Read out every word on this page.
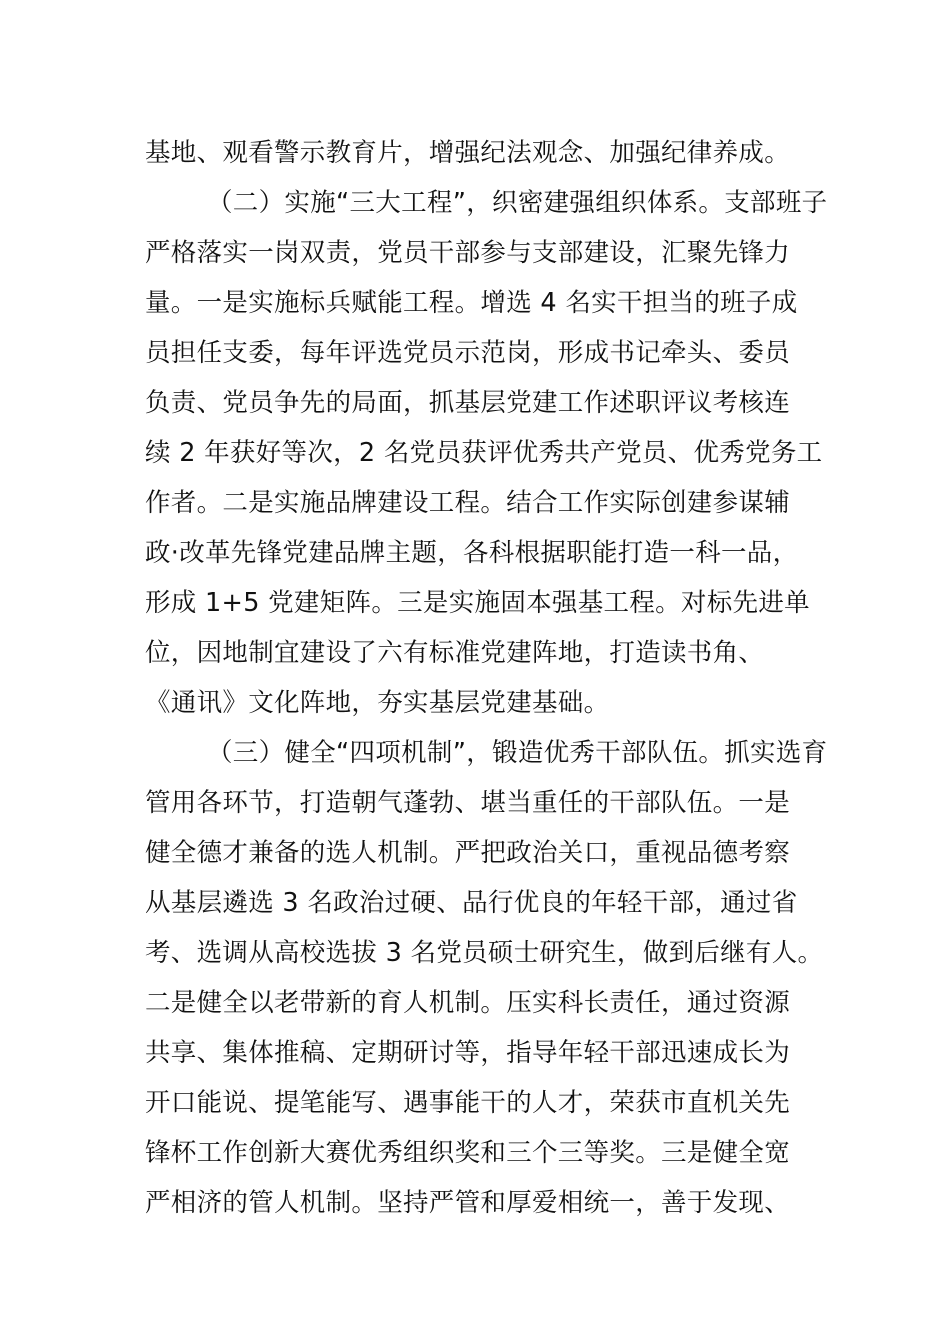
基地、观看警示教育片，增强纪法观念、加强纪律养成。
（二）实施“三大工程”，织密建强组织体系。支部班子
严格落实一岗双责，党员干部参与支部建设，汇聚先锋力
量。一是实施标兵赋能工程。增选 4 名实干担当的班子成
员担任支委，每年评选党员示范岗，形成书记牵头、委员
负责、党员争先的局面，抓基层党建工作述职评议考核连
续 2 年获好等次，2 名党员获评优秀共产党员、优秀党务工
作者。二是实施品牌建设工程。结合工作实际创建参谋辅
政·改革先锋党建品牌主题，各科根据职能打造一科一品，
形成 1+5 党建矩阵。三是实施固本强基工程。对标先进单
位，因地制宜建设了六有标准党建阵地，打造读书角、
《通讯》文化阵地，夯实基层党建基础。
（三）健全“四项机制”，锻造优秀干部队伍。抓实选育
管用各环节，打造朝气蓬勃、堪当重任的干部队伍。一是
健全德才兼备的选人机制。严把政治关口，重视品德考察
从基层遴选 3 名政治过硬、品行优良的年轻干部，通过省
考、选调从高校选拔 3 名党员硕士研究生，做到后继有人。
二是健全以老带新的育人机制。压实科长责任，通过资源
共享、集体推稿、定期研讨等，指导年轻干部迅速成长为
开口能说、提笔能写、遇事能干的人才，荣获市直机关先
锋杯工作创新大赛优秀组织奖和三个三等奖。三是健全宽
严相济的管人机制。坚持严管和厚爱相统一，善于发现、
